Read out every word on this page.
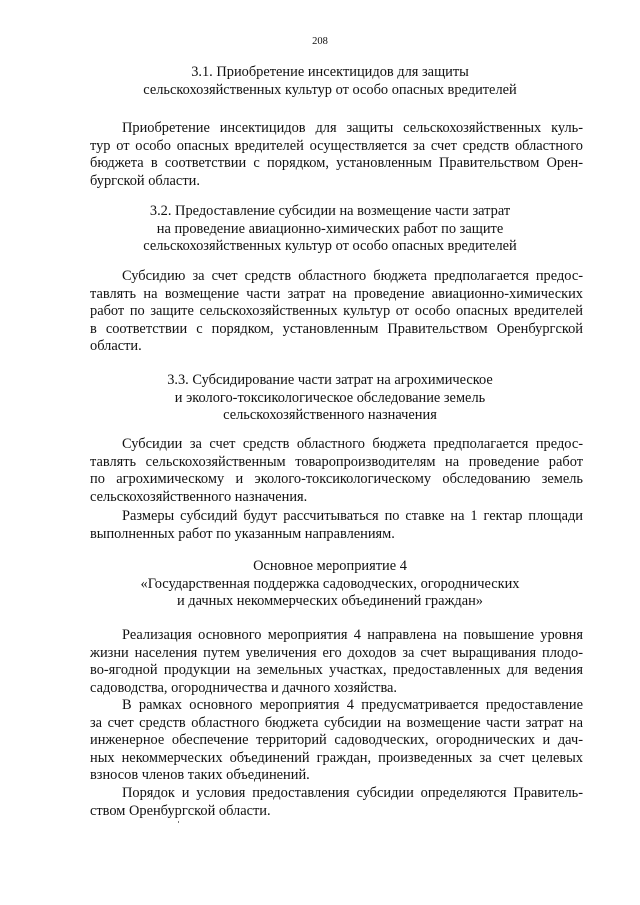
208
3.1. Приобретение инсектицидов для защиты
сельскохозяйственных культур от особо опасных вредителей
Приобретение инсектицидов для защиты сельскохозяйственных куль-
тур от особо опасных вредителей осуществляется за счет средств областного
бюджета в соответствии с порядком, установленным Правительством Орен-
бургской области.
3.2. Предоставление субсидии на возмещение части затрат
на проведение авиационно-химических работ по защите
сельскохозяйственных культур от особо опасных вредителей
Субсидию за счет средств областного бюджета предполагается предос-
тавлять на возмещение части затрат на проведение авиационно-химических
работ по защите сельскохозяйственных культур от особо опасных вредителей
в соответствии с порядком, установленным Правительством Оренбургской
области.
3.3. Субсидирование части затрат на агрохимическое
и эколого-токсикологическое обследование земель
сельскохозяйственного назначения
Субсидии за счет средств областного бюджета предполагается предос-
тавлять сельскохозяйственным товаропроизводителям на проведение работ
по агрохимическому и эколого-токсикологическому обследованию земель
сельскохозяйственного назначения.
Размеры субсидий будут рассчитываться по ставке на 1 гектар площади
выполненных работ по указанным направлениям.
Основное мероприятие 4
«Государственная поддержка садоводческих, огороднических
и дачных некоммерческих объединений граждан»
Реализация основного мероприятия 4 направлена на повышение уровня
жизни населения путем увеличения его доходов за счет выращивания плодо-
во-ягодной продукции на земельных участках, предоставленных для ведения
садоводства, огородничества и дачного хозяйства.
В рамках основного мероприятия 4 предусматривается предоставление
за счет средств областного бюджета субсидии на возмещение части затрат на
инженерное обеспечение территорий садоводческих, огороднических и дач-
ных некоммерческих объединений граждан, произведенных за счет целевых
взносов членов таких объединений.
Порядок и условия предоставления субсидии определяются Правитель-
ством Оренбургской области.
